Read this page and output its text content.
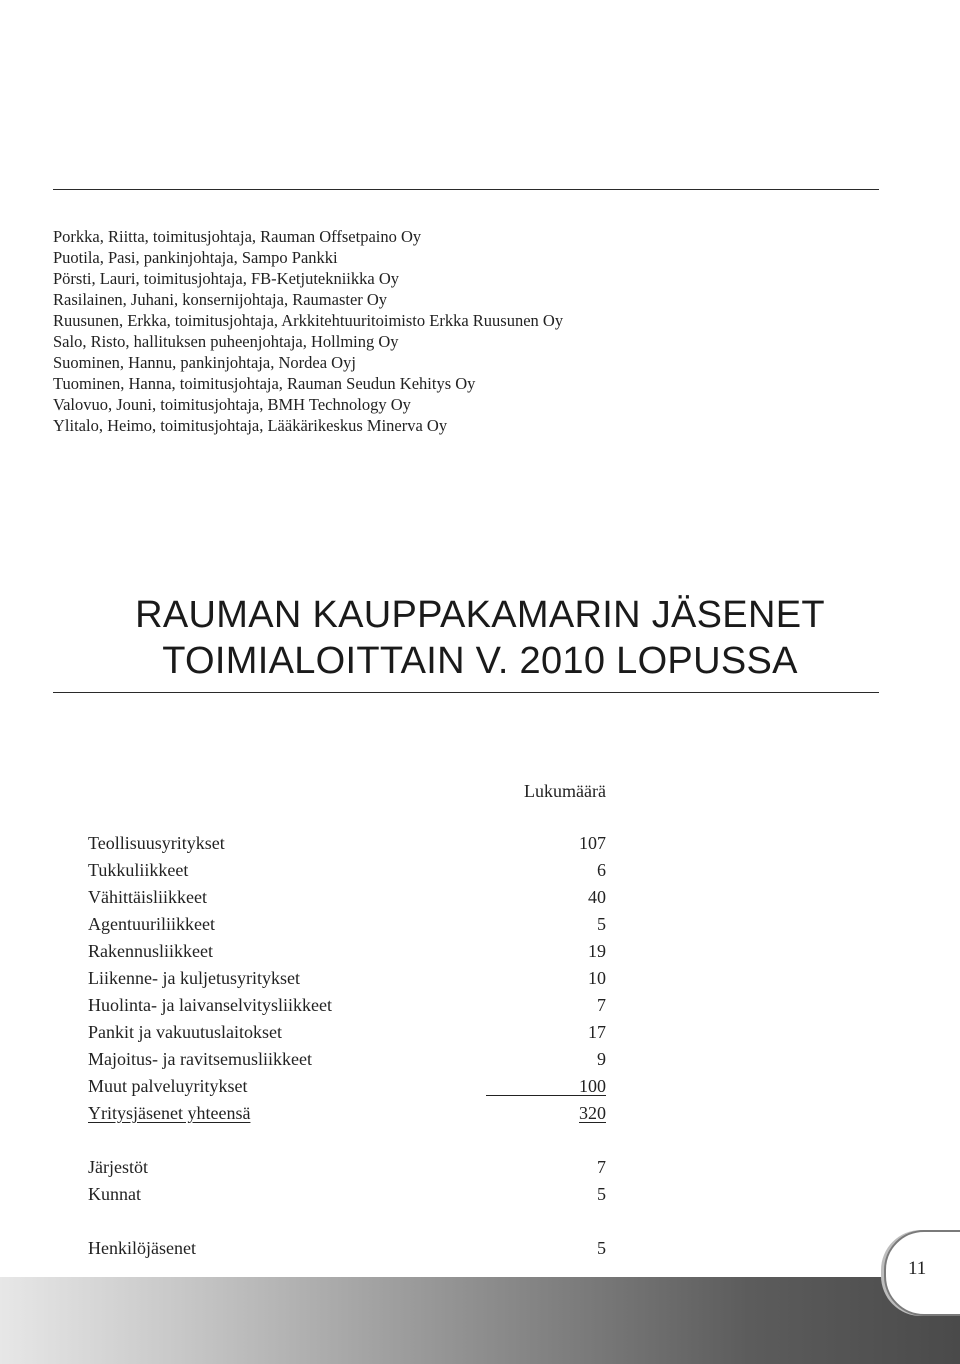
Porkka, Riitta, toimitusjohtaja, Rauman Offsetpaino Oy
Puotila, Pasi, pankinjohtaja, Sampo Pankki
Pörsti, Lauri, toimitusjohtaja, FB-Ketjutekniikka Oy
Rasilainen, Juhani, konsernijohtaja, Raumaster Oy
Ruusunen, Erkka, toimitusjohtaja, Arkkitehtuuritoimisto Erkka Ruusunen Oy
Salo, Risto, hallituksen puheenjohtaja, Hollming Oy
Suominen, Hannu, pankinjohtaja, Nordea Oyj
Tuominen, Hanna, toimitusjohtaja, Rauman Seudun Kehitys Oy
Valovuo, Jouni, toimitusjohtaja, BMH Technology Oy
Ylitalo, Heimo, toimitusjohtaja, Lääkärikeskus Minerva Oy
RAUMAN KAUPPAKAMARIN JÄSENET
TOIMIALOITTAIN V. 2010 LOPUSSA
Lukumäärä
Teollisuusyritykset	107
Tukkuliikkeet	6
Vähittäisliikkeet	40
Agentuuriliikkeet	5
Rakennusliikkeet	19
Liikenne- ja kuljetusyritykset	10
Huolinta- ja laivanselvitysliikkeet	7
Pankit ja vakuutuslaitokset	17
Majoitus- ja ravitsemusliikkeet	9
Muut palveluyritykset	100
Yritysjäsenet yhteensä	320
Järjestöt	7
Kunnat	5
Henkilöjäsenet	5
11
